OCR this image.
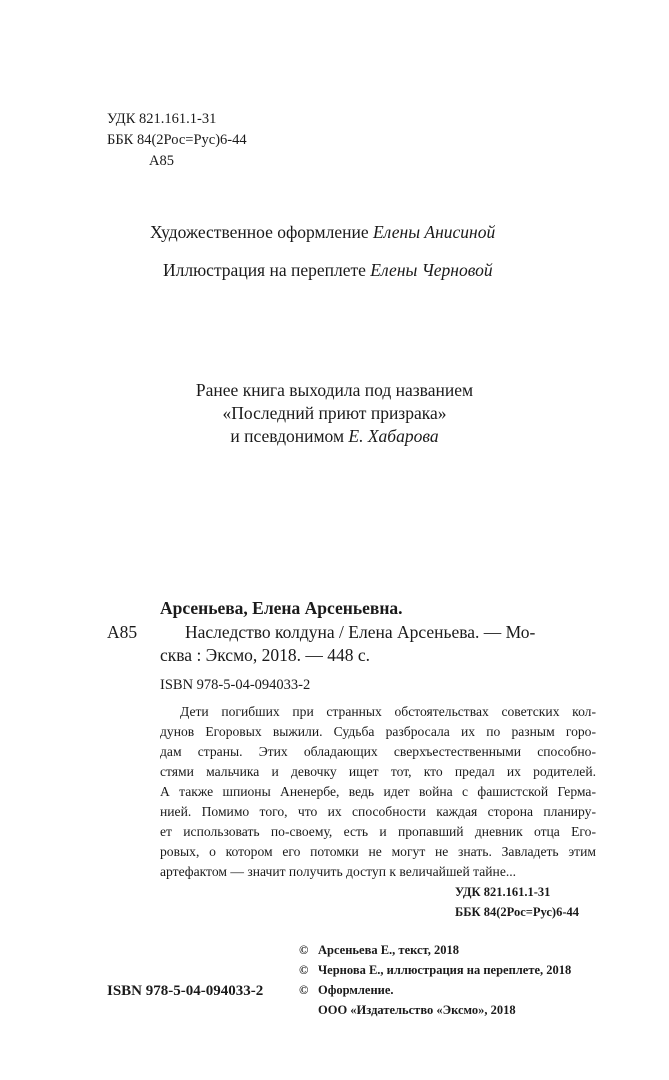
УДК 821.161.1-31
ББК 84(2Рос=Рус)6-44
А85
Художественное оформление Елены Анисиной
Иллюстрация на переплете Елены Черновой
Ранее книга выходила под названием
«Последний приют призрака»
и псевдонимом Е. Хабарова
Арсеньева, Елена Арсеньевна.
А85	Наследство колдуна / Елена Арсеньева. — Мо-
сква : Эксмо, 2018. — 448 с.
ISBN 978-5-04-094033-2
Дети погибших при странных обстоятельствах советских кол-
дунов Егоровых выжили. Судьба разбросала их по разным горо-
дам страны. Этих обладающих сверхъестественными способно-
стями мальчика и девочку ищет тот, кто предал их родителей.
А также шпионы Аненербе, ведь идет война с фашистской Герма-
нией. Помимо того, что их способности каждая сторона планиру-
ет использовать по-своему, есть и пропавший дневник отца Его-
ровых, о котором его потомки не могут не знать. Завладеть этим
артефактом — значит получить доступ к величайшей тайне...
УДК 821.161.1-31
ББК 84(2Рос=Рус)6-44
ISBN 978-5-04-094033-2
© Арсеньева Е., текст, 2018
© Чернова Е., иллюстрация на переплете, 2018
© Оформление.
ООО «Издательство «Эксмо», 2018
